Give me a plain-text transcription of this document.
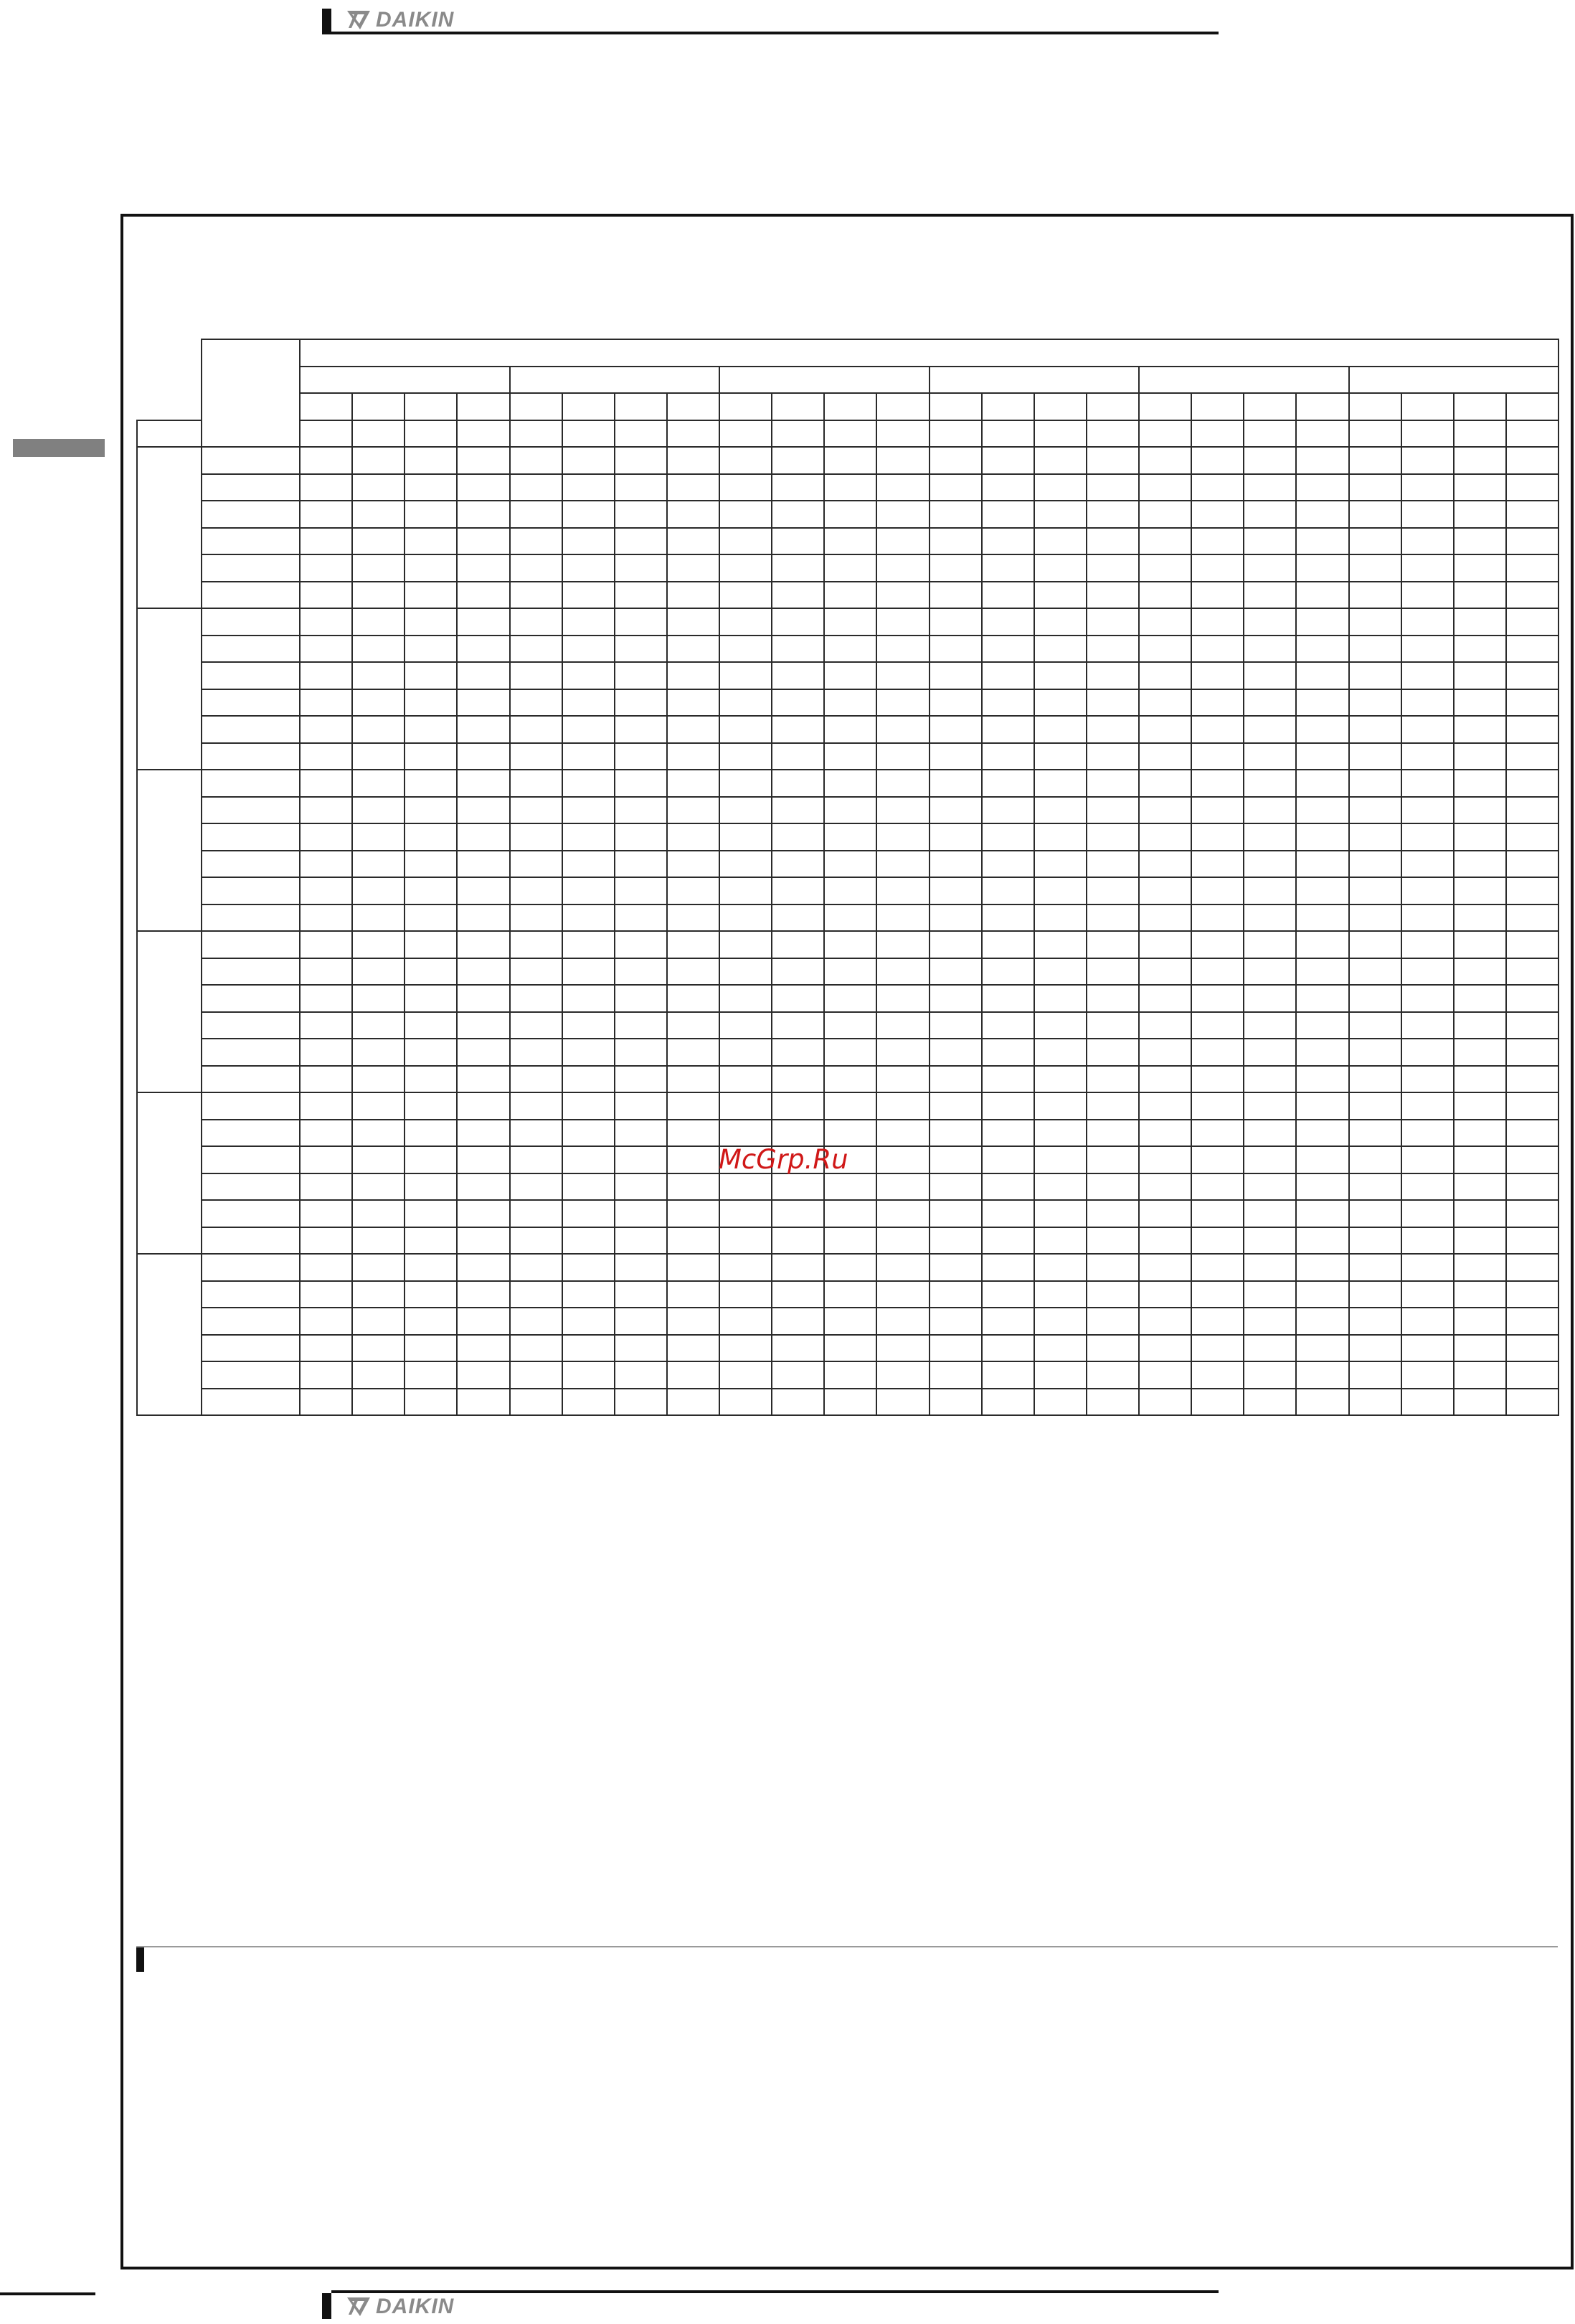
DAIKIN

McGrp.Ru
DAIKIN
